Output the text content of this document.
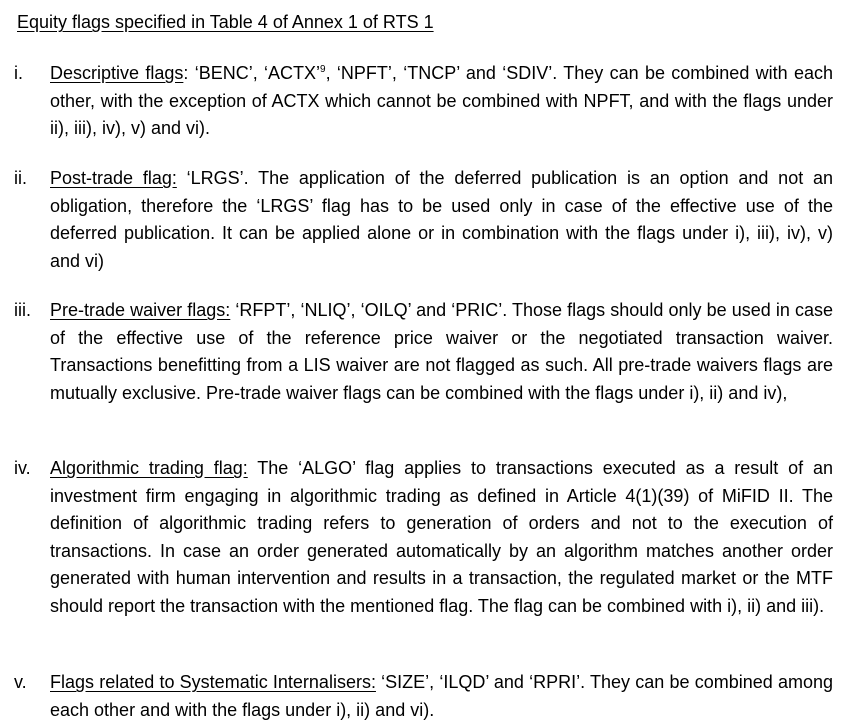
Equity flags specified in Table 4 of Annex 1 of RTS 1
i. Descriptive flags: ‘BENC’, ‘ACTX’$^9$, ‘NPFT’, ‘TNCP’ and ‘SDIV’. They can be combined with each other, with the exception of ACTX which cannot be combined with NPFT, and with the flags under ii), iii), iv), v) and vi).
ii. Post-trade flag: ‘LRGS’. The application of the deferred publication is an option and not an obligation, therefore the ‘LRGS’ flag has to be used only in case of the effective use of the deferred publication. It can be applied alone or in combination with the flags under i), iii), iv), v) and vi)
iii. Pre-trade waiver flags: ‘RFPT’, ‘NLIQ’, ‘OILQ’ and ‘PRIC’. Those flags should only be used in case of the effective use of the reference price waiver or the negotiated transaction waiver. Transactions benefitting from a LIS waiver are not flagged as such. All pre-trade waivers flags are mutually exclusive. Pre-trade waiver flags can be combined with the flags under i), ii) and iv),
iv. Algorithmic trading flag: The ‘ALGO’ flag applies to transactions executed as a result of an investment firm engaging in algorithmic trading as defined in Article 4(1)(39) of MiFID II. The definition of algorithmic trading refers to generation of orders and not to the execution of transactions. In case an order generated automatically by an algorithm matches another order generated with human intervention and results in a transaction, the regulated market or the MTF should report the transaction with the mentioned flag. The flag can be combined with i), ii) and iii).
v. Flags related to Systematic Internalisers: ‘SIZE’, ‘ILQD’ and ‘RPRI’. They can be combined among each other and with the flags under i), ii) and vi).
